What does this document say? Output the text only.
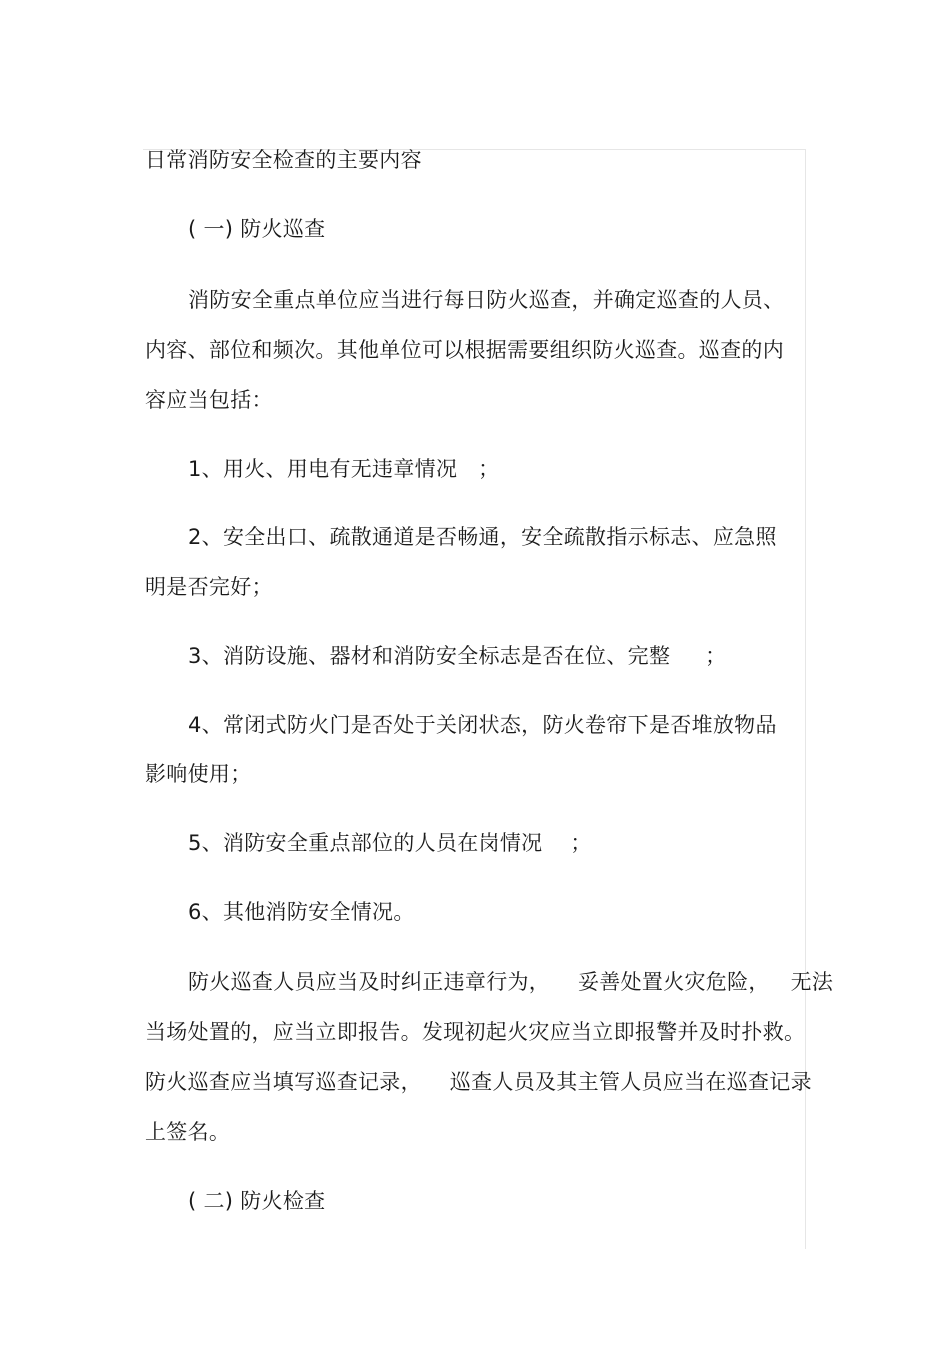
日常消防安全检查的主要内容
( 一) 防火巡查
消防安全重点单位应当进行每日防火巡查，并确定巡查的人员、
内容、部位和频次。其他单位可以根据需要组织防火巡查。巡查的内
容应当包括：
1、用火、用电有无违章情况   ；
2、安全出口、疏散通道是否畅通，安全疏散指示标志、应急照
明是否完好；
3、消防设施、器材和消防安全标志是否在位、完整     ；
4、常闭式防火门是否处于关闭状态，防火卷帘下是否堆放物品
影响使用；
5、消防安全重点部位的人员在岗情况    ；
6、其他消防安全情况。
防火巡查人员应当及时纠正违章行为，    妥善处置火灾危险，   无法
当场处置的，应当立即报告。发现初起火灾应当立即报警并及时扑救。
防火巡查应当填写巡查记录，    巡查人员及其主管人员应当在巡查记录
上签名。
( 二) 防火检查
